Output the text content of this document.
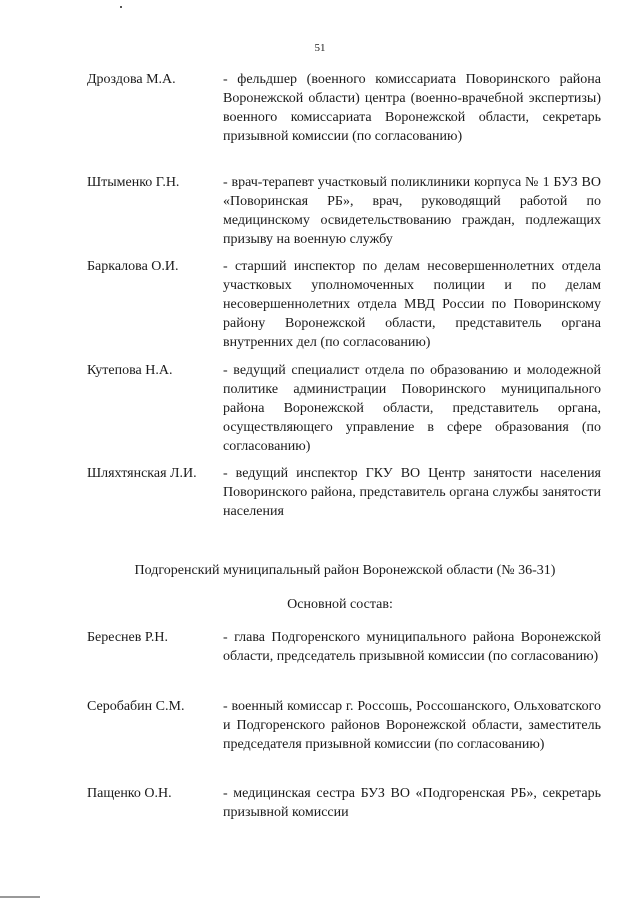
51
Дроздова М.А.	- фельдшер (военного комиссариата Поворинского района Воронежской области) центра (военно-врачебной экспертизы) военного комиссариата Воронежской области, секретарь призывной комиссии (по согласованию)
Штыменко Г.Н.	- врач-терапевт участковый поликлиники корпуса № 1 БУЗ ВО «Поворинская РБ», врач, руководящий работой по медицинскому освидетельствованию граждан, подлежащих призыву на военную службу
Баркалова О.И.	- старший инспектор по делам несовершеннолетних отдела участковых уполномоченных полиции и по делам несовершеннолетних отдела МВД России по Поворинскому району Воронежской области, представитель органа внутренних дел (по согласованию)
Кутепова Н.А.	- ведущий специалист отдела по образованию и молодежной политике администрации Поворинского муниципального района Воронежской области, представитель органа, осуществляющего управление в сфере образования (по согласованию)
Шляхтянская Л.И.	- ведущий инспектор ГКУ ВО Центр занятости населения Поворинского района, представитель органа службы занятости населения
Подгоренский муниципальный район Воронежской области (№ 36-31)
Основной состав:
Береснев Р.Н.	- глава Подгоренского муниципального района Воронежской области, председатель призывной комиссии (по согласованию)
Серобабин С.М.	- военный комиссар г. Россошь, Россошанского, Ольховатского и Подгоренского районов Воронежской области, заместитель председателя призывной комиссии (по согласованию)
Пащенко О.Н.	- медицинская сестра БУЗ ВО «Подгоренская РБ», секретарь призывной комиссии
